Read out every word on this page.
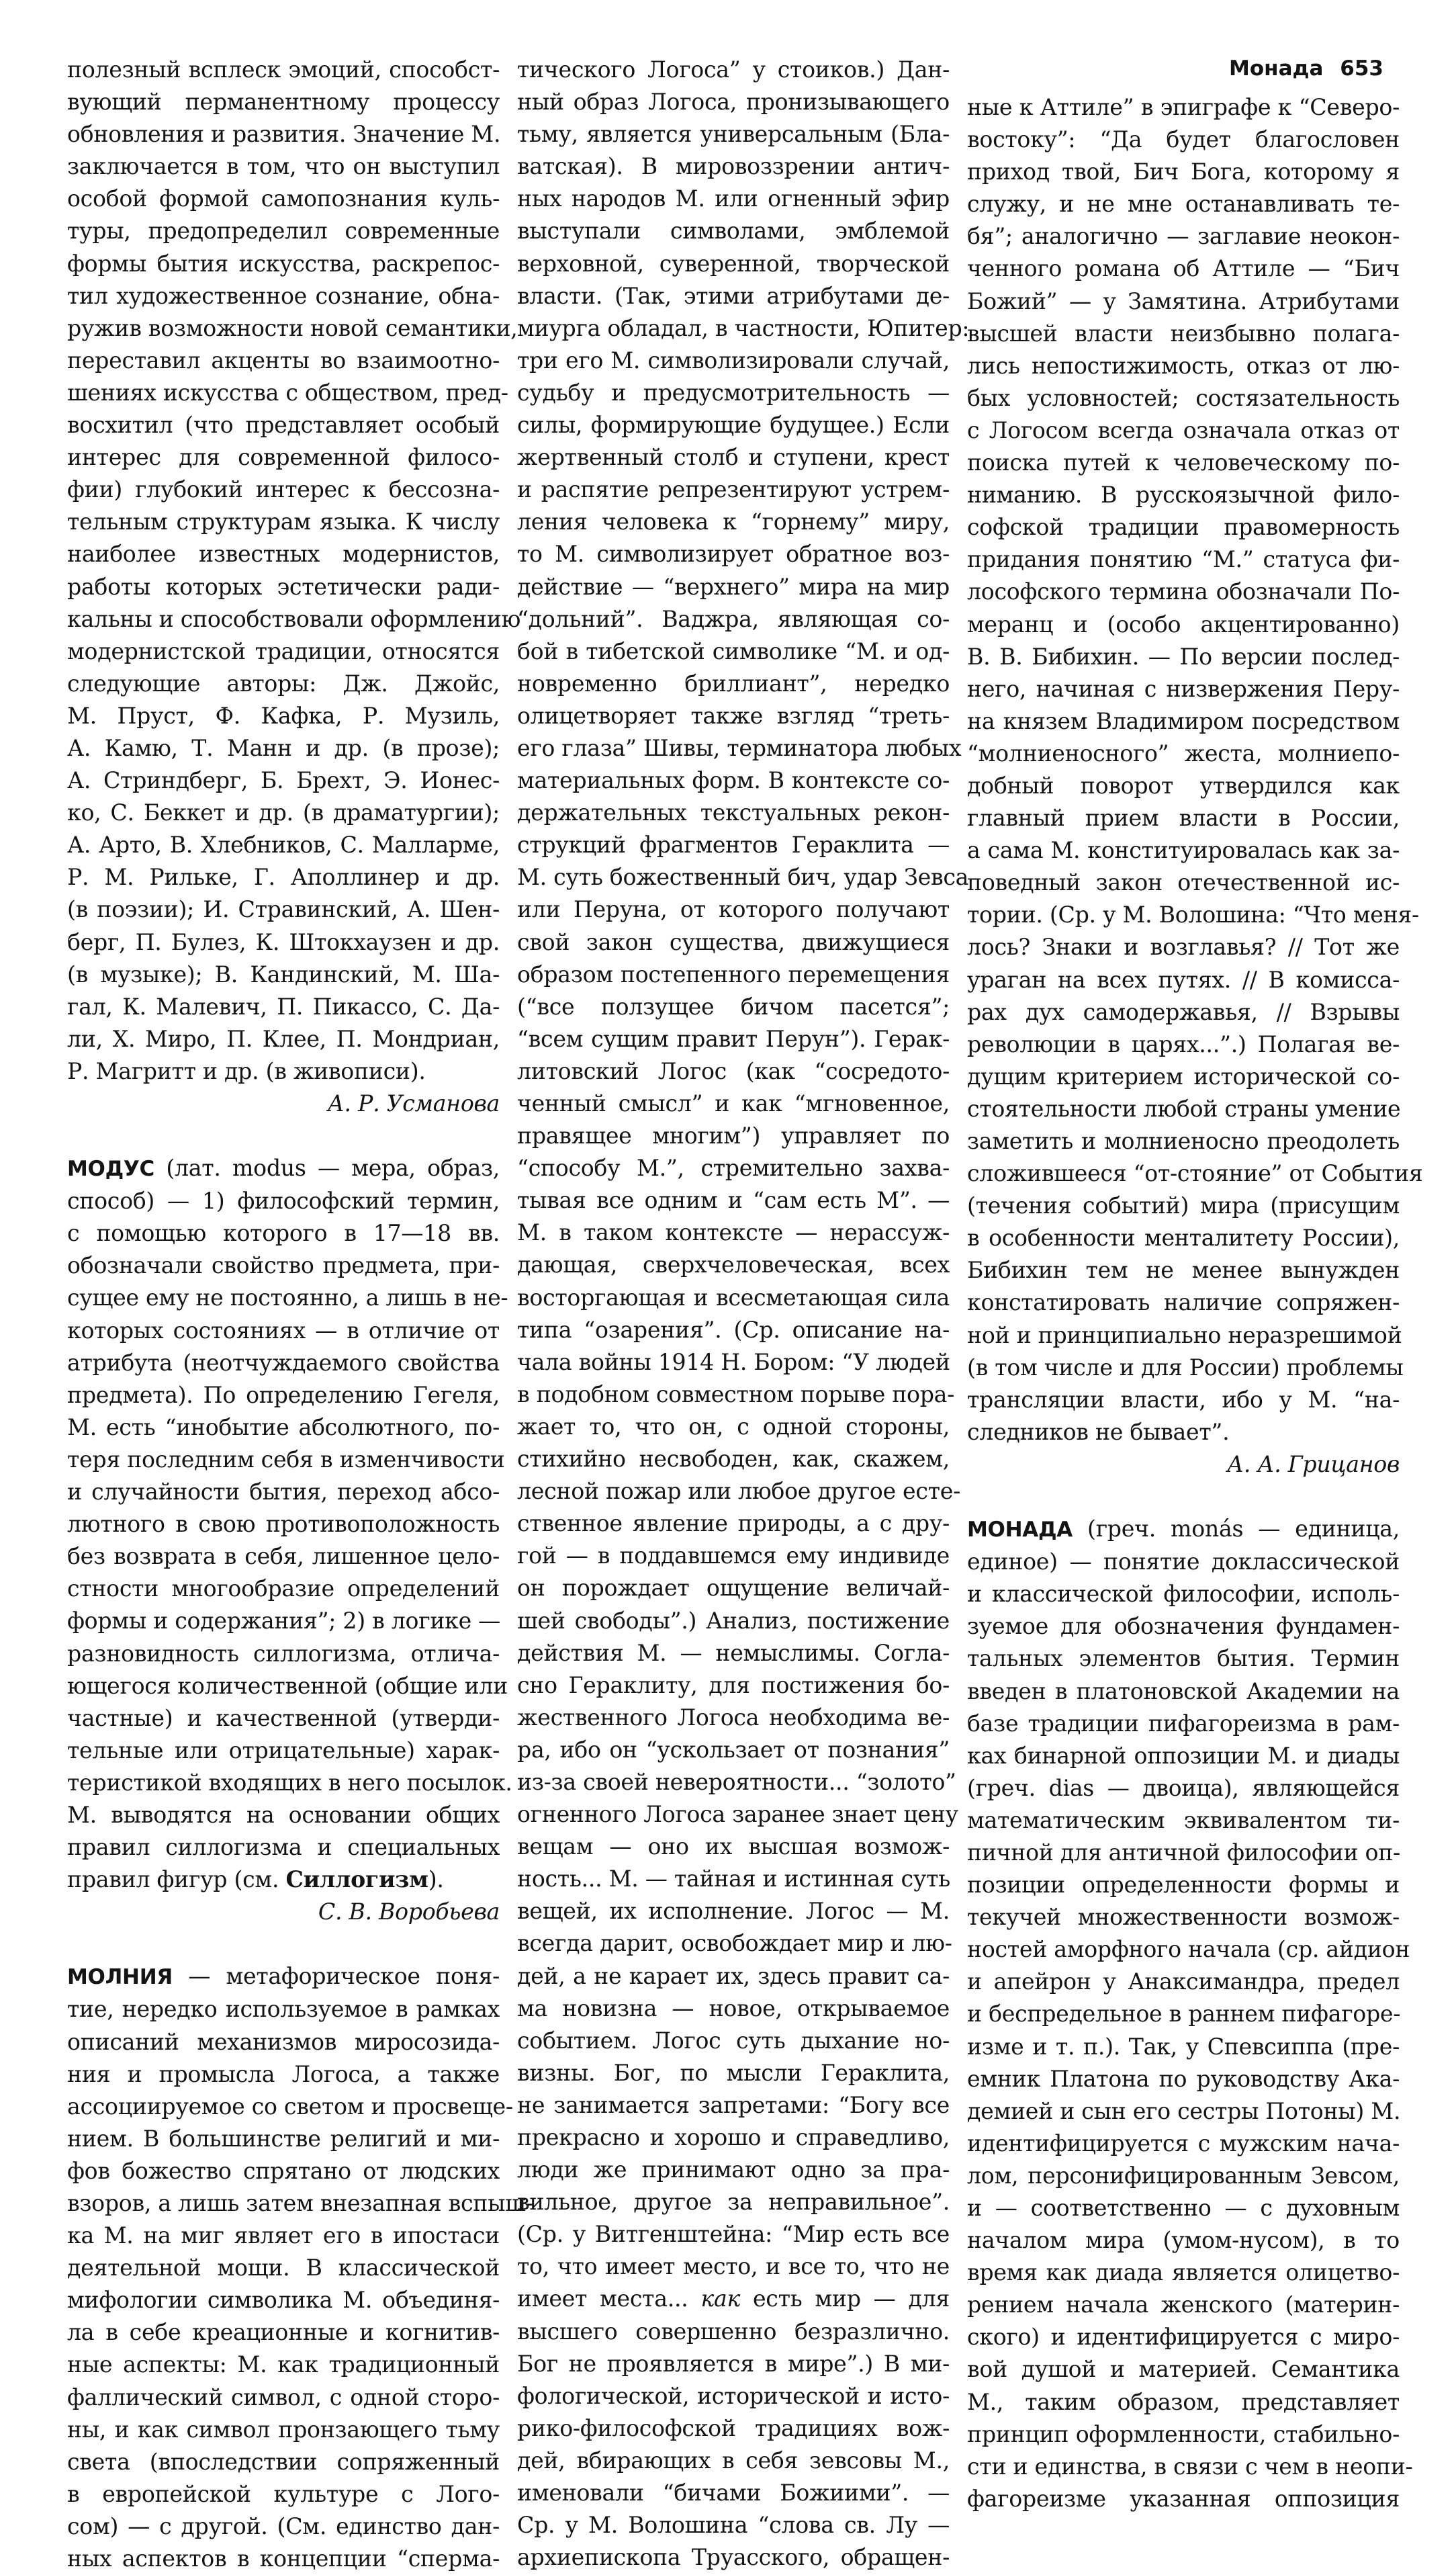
Монада 653
полезный всплеск эмоций, способст-
вующий перманентному процессу
обновления и развития. Значение М.
заключается в том, что он выступил
особой формой самопознания куль-
туры, предопределил современные
формы бытия искусства, раскрепос-
тил художественное сознание, обна-
ружив возможности новой семантики,
переставил акценты во взаимоотно-
шениях искусства с обществом, пред-
восхитил (что представляет особый
интерес для современной филосо-
фии) глубокий интерес к бессозна-
тельным структурам языка. К числу
наиболее известных модернистов,
работы которых эстетически ради-
кальны и способствовали оформлению
модернистской традиции, относятся
следующие авторы: Дж. Джойс,
М. Пруст, Ф. Кафка, Р. Музиль,
А. Камю, Т. Манн и др. (в прозе);
А. Стриндберг, Б. Брехт, Э. Ионес-
ко, С. Беккет и др. (в драматургии);
А. Арто, В. Хлебников, С. Малларме,
Р. М. Рильке, Г. Аполлинер и др.
(в поэзии); И. Стравинский, А. Шен-
берг, П. Булез, К. Штокхаузен и др.
(в музыке); В. Кандинский, М. Ша-
гал, К. Малевич, П. Пикассо, С. Да-
ли, Х. Миро, П. Клее, П. Мондриан,
Р. Магритт и др. (в живописи).
А. Р. Усманова
МОДУС (лат. modus — мера, образ,
способ) — 1) философский термин,
с помощью которого в 17—18 вв.
обозначали свойство предмета, при-
сущее ему не постоянно, а лишь в не-
которых состояниях — в отличие от
атрибута (неотчуждаемого свойства
предмета). По определению Гегеля,
М. есть “инобытие абсолютного, по-
теря последним себя в изменчивости
и случайности бытия, переход абсо-
лютного в свою противоположность
без возврата в себя, лишенное цело-
стности многообразие определений
формы и содержания”; 2) в логике —
разновидность силлогизма, отлича-
ющегося количественной (общие или
частные) и качественной (утверди-
тельные или отрицательные) харак-
теристикой входящих в него посылок.
М. выводятся на основании общих
правил силлогизма и специальных
правил фигур (см. Силлогизм).
С. В. Воробьева
МОЛНИЯ — метафорическое поня-
тие, нередко используемое в рамках
описаний механизмов миросозида-
ния и промысла Логоса, а также
ассоциируемое со светом и просвеще-
нием. В большинстве религий и ми-
фов божество спрятано от людских
взоров, а лишь затем внезапная вспыш-
ка М. на миг являет его в ипостаси
деятельной мощи. В классической
мифологии символика М. объединя-
ла в себе креационные и когнитив-
ные аспекты: М. как традиционный
фаллический символ, с одной сторо-
ны, и как символ пронзающего тьму
света (впоследствии сопряженный
в европейской культуре с Лого-
сом) — с другой. (См. единство дан-
ных аспектов в концепции “сперма-
тического Логоса” у стоиков.) Дан-
ный образ Логоса, пронизывающего
тьму, является универсальным (Бла-
ватская). В мировоззрении антич-
ных народов М. или огненный эфир
выступали символами, эмблемой
верховной, суверенной, творческой
власти. (Так, этими атрибутами де-
миурга обладал, в частности, Юпитер:
три его М. символизировали случай,
судьбу и предусмотрительность —
силы, формирующие будущее.) Если
жертвенный столб и ступени, крест
и распятие репрезентируют устрем-
ления человека к “горнему” миру,
то М. символизирует обратное воз-
действие — “верхнего” мира на мир
“дольний”. Ваджра, являющая со-
бой в тибетской символике “М. и од-
новременно бриллиант”, нередко
олицетворяет также взгляд “треть-
его глаза” Шивы, терминатора любых
материальных форм. В контексте со-
держательных текстуальных рекон-
струкций фрагментов Гераклита —
М. суть божественный бич, удар Зевса
или Перуна, от которого получают
свой закон существа, движущиеся
образом постепенного перемещения
(“все ползущее бичом пасется”;
“всем сущим правит Перун”). Герак-
литовский Логос (как “сосредото-
ченный смысл” и как “мгновенное,
правящее многим”) управляет по
“способу М.”, стремительно захва-
тывая все одним и “сам есть М”. —
М. в таком контексте — нерассуж-
дающая, сверхчеловеческая, всех
восторгающая и всесметающая сила
типа “озарения”. (Ср. описание на-
чала войны 1914 Н. Бором: “У людей
в подобном совместном порыве пора-
жает то, что он, с одной стороны,
стихийно несвободен, как, скажем,
лесной пожар или любое другое есте-
ственное явление природы, а с дру-
гой — в поддавшемся ему индивиде
он порождает ощущение величай-
шей свободы”.) Анализ, постижение
действия М. — немыслимы. Согла-
сно Гераклиту, для постижения бо-
жественного Логоса необходима ве-
ра, ибо он “ускользает от познания”
из-за своей невероятности... “золото”
огненного Логоса заранее знает цену
вещам — оно их высшая возмож-
ность... М. — тайная и истинная суть
вещей, их исполнение. Логос — М.
всегда дарит, освобождает мир и лю-
дей, а не карает их, здесь правит са-
ма новизна — новое, открываемое
событием. Логос суть дыхание но-
визны. Бог, по мысли Гераклита,
не занимается запретами: “Богу все
прекрасно и хорошо и справедливо,
люди же принимают одно за пра-
вильное, другое за неправильное”.
(Ср. у Витгенштейна: “Мир есть все
то, что имеет место, и все то, что не
имеет места... как есть мир — для
высшего совершенно безразлично.
Бог не проявляется в мире”.) В ми-
фологической, исторической и исто-
рико-философской традициях вож-
дей, вбирающих в себя зевсовы М.,
именовали “бичами Божиими”. —
Ср. у М. Волошина “слова св. Лу —
архиепископа Труасского, обращен-
ные к Аттиле” в эпиграфе к “Северо-
востоку”: “Да будет благословен
приход твой, Бич Бога, которому я
служу, и не мне останавливать те-
бя”; аналогично — заглавие неокон-
ченного романа об Аттиле — “Бич
Божий” — у Замятина. Атрибутами
высшей власти неизбывно полага-
лись непостижимость, отказ от лю-
бых условностей; состязательность
с Логосом всегда означала отказ от
поиска путей к человеческому по-
ниманию. В русскоязычной фило-
софской традиции правомерность
придания понятию “М.” статуса фи-
лософского термина обозначали По-
меранц и (особо акцентированно)
В. В. Бибихин. — По версии послед-
него, начиная с низвержения Перу-
на князем Владимиром посредством
“молниеносного” жеста, молниепо-
добный поворот утвердился как
главный прием власти в России,
а сама М. конституировалась как за-
поведный закон отечественной ис-
тории. (Ср. у М. Волошина: “Что меня-
лось? Знаки и возглавья? // Тот же
ураган на всех путях. // В комисса-
рах дух самодержавья, // Взрывы
революции в царях...”.) Полагая ве-
дущим критерием исторической со-
стоятельности любой страны умение
заметить и молниеносно преодолеть
сложившееся “от-стояние” от События
(течения событий) мира (присущим
в особенности менталитету России),
Бибихин тем не менее вынужден
констатировать наличие сопряжен-
ной и принципиально неразрешимой
(в том числе и для России) проблемы
трансляции власти, ибо у М. “на-
следников не бывает”.
А. А. Грицанов
МОНАДА (греч. monás — единица,
единое) — понятие доклассической
и классической философии, исполь-
зуемое для обозначения фундамен-
тальных элементов бытия. Термин
введен в платоновской Академии на
базе традиции пифагореизма в рам-
ках бинарной оппозиции М. и диады
(греч. dias — двоица), являющейся
математическим эквивалентом ти-
пичной для античной философии оп-
позиции определенности формы и
текучей множественности возмож-
ностей аморфного начала (ср. айдион
и апейрон у Анаксимандра, предел
и беспредельное в раннем пифагоре-
изме и т. п.). Так, у Спевсиппа (пре-
емник Платона по руководству Ака-
демией и сын его сестры Потоны) М.
идентифицируется с мужским нача-
лом, персонифицированным Зевсом,
и — соответственно — с духовным
началом мира (умом-нусом), в то
время как диада является олицетво-
рением начала женского (материн-
ского) и идентифицируется с миро-
вой душой и материей. Семантика
М., таким образом, представляет
принцип оформленности, стабильно-
сти и единства, в связи с чем в неопи-
фагореизме указанная оппозиция
